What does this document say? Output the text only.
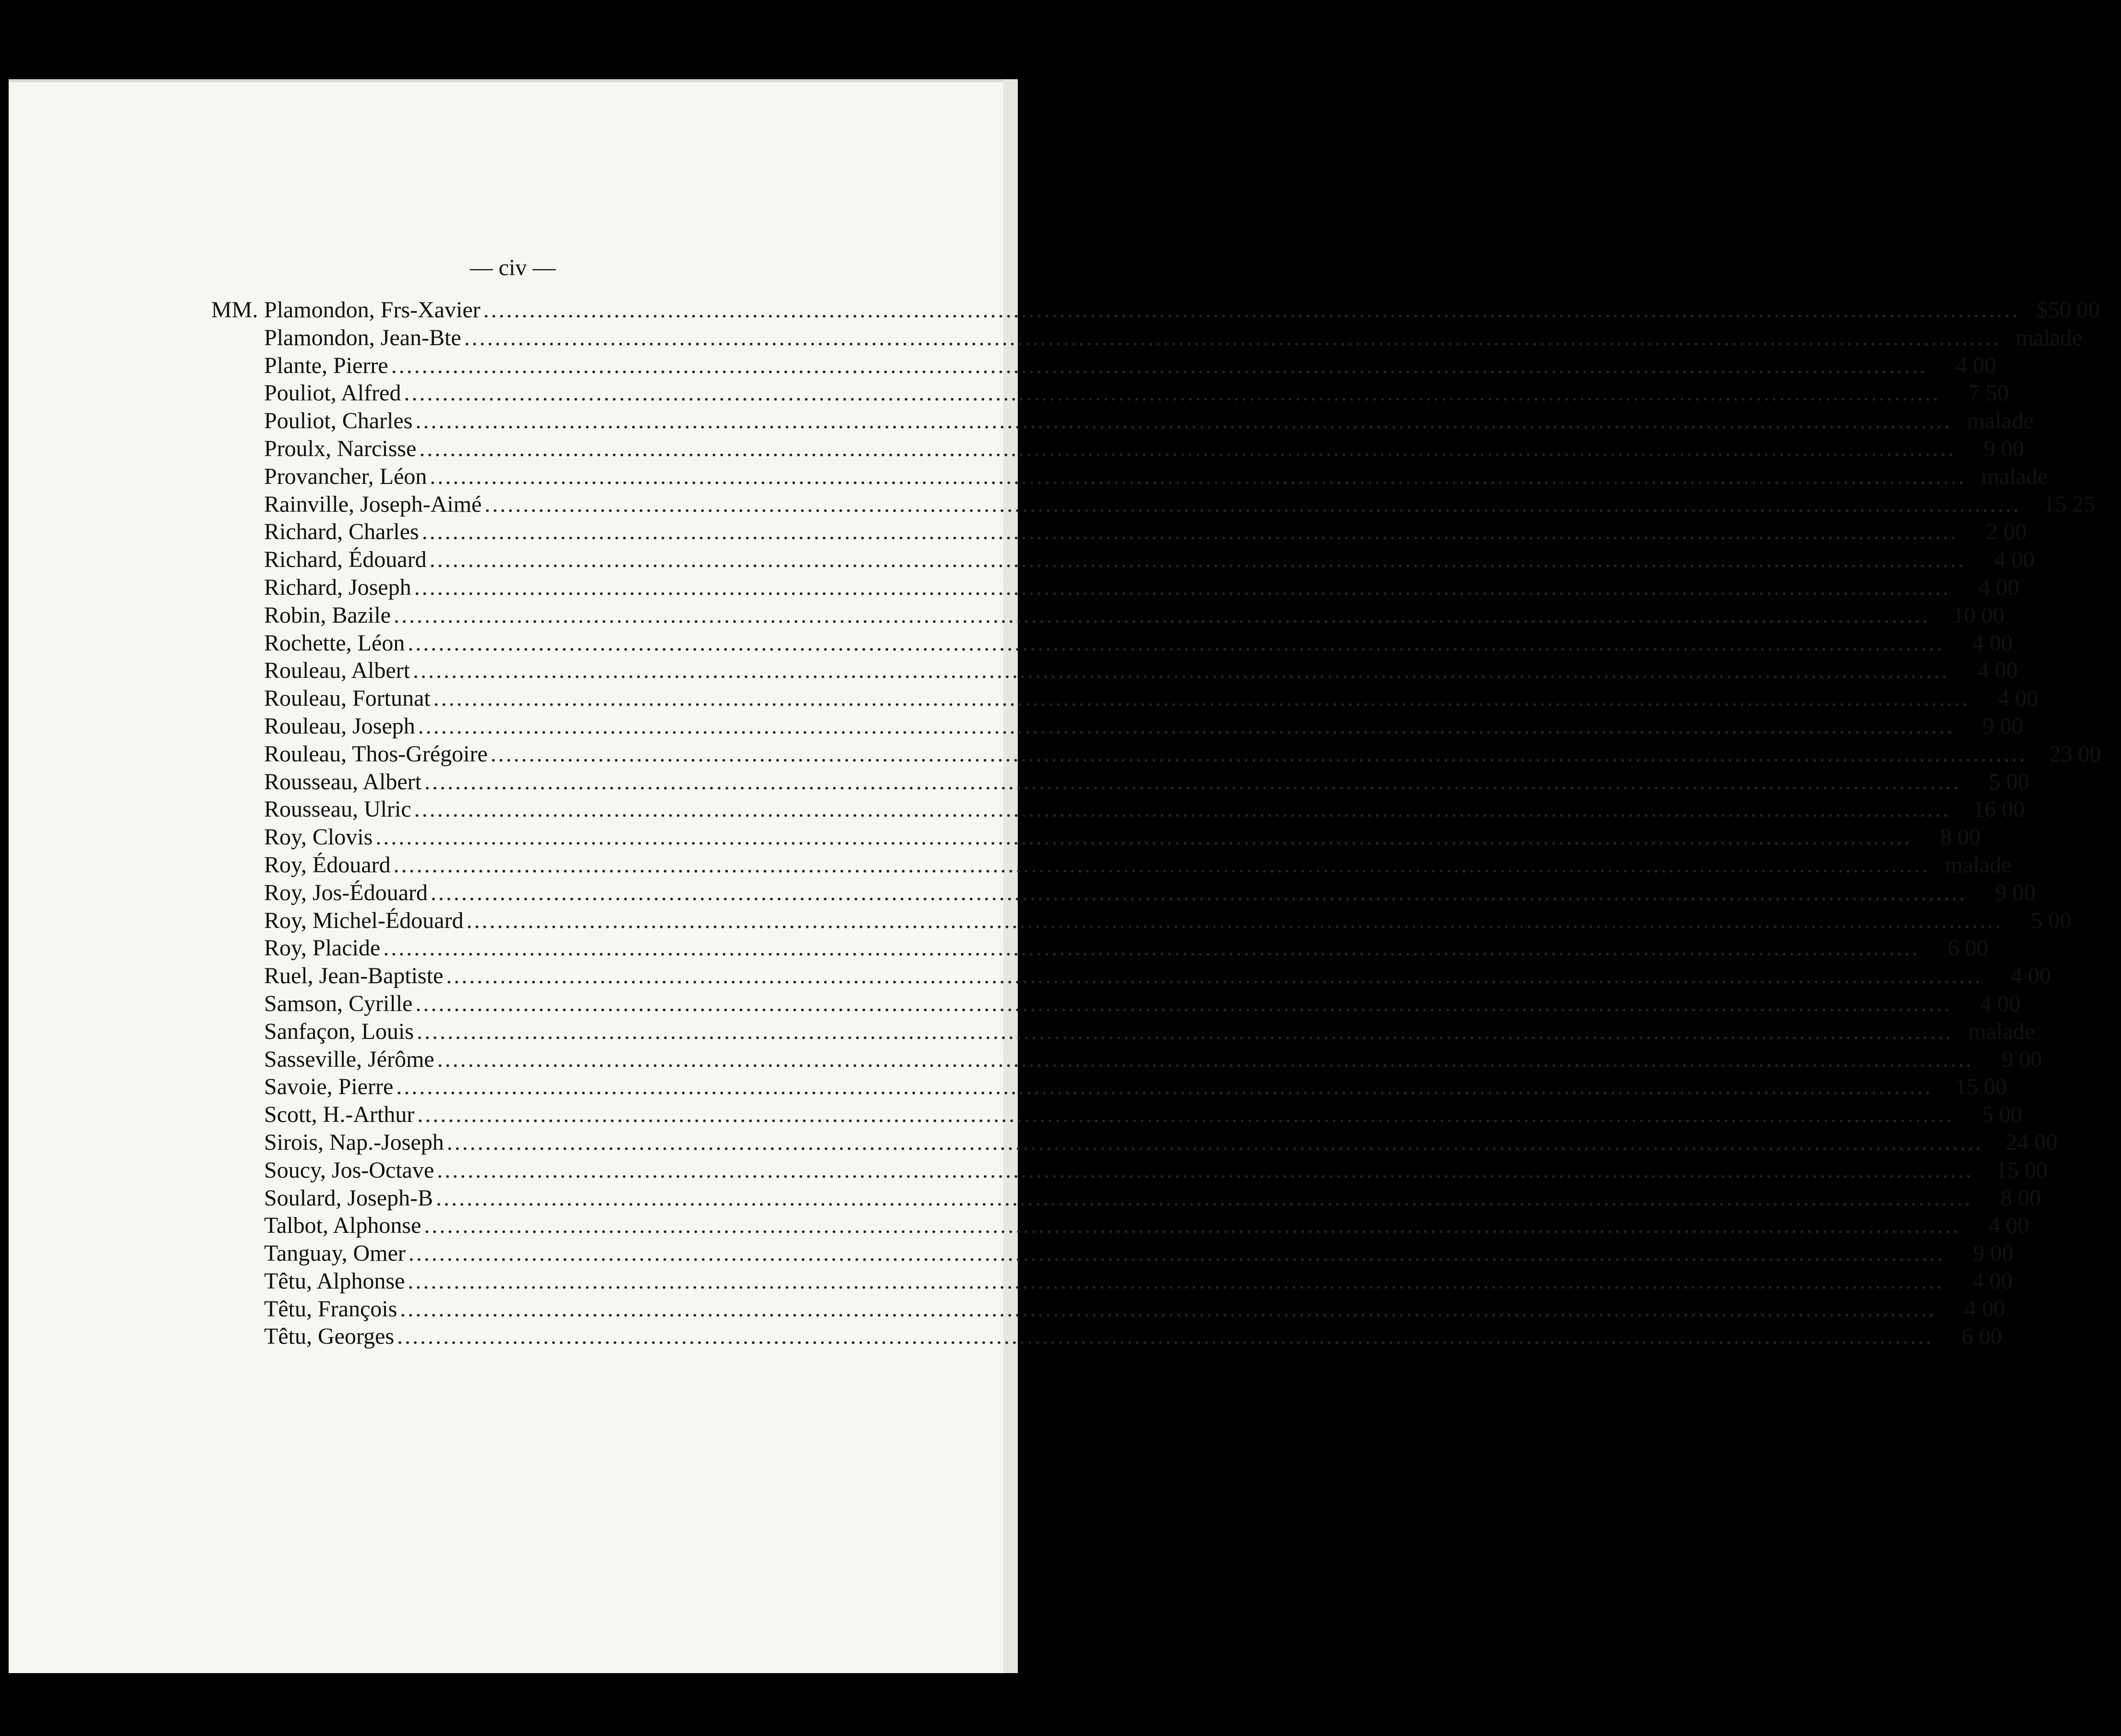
— civ —
MM. Plamondon, Frs-Xavier ........................................................................................................................................................................................................ $50 00
Plamondon, Jean-Bte ........................................................................................................................................................................................................ malade
Plante, Pierre ........................................................................................................................................................................................................	4 00
Pouliot, Alfred ........................................................................................................................................................................................................	7 50
Pouliot, Charles ........................................................................................................................................................................................................ malade
Proulx, Narcisse ........................................................................................................................................................................................................	9 00
Provancher, Léon ........................................................................................................................................................................................................ malade
Rainville, Joseph-Aimé ........................................................................................................................................................................................................ 15 25
Richard, Charles ........................................................................................................................................................................................................	2 00
Richard, Édouard ........................................................................................................................................................................................................	4 00
Richard, Joseph ........................................................................................................................................................................................................	4 00
Robin, Bazile ........................................................................................................................................................................................................ 10 00
Rochette, Léon ........................................................................................................................................................................................................	4 00
Rouleau, Albert ........................................................................................................................................................................................................	4 00
Rouleau, Fortunat ........................................................................................................................................................................................................	4 00
Rouleau, Joseph ........................................................................................................................................................................................................	9 00
Rouleau, Thos-Grégoire ........................................................................................................................................................................................................ 23 00
Rousseau, Albert ........................................................................................................................................................................................................	5 00
Rousseau, Ulric ........................................................................................................................................................................................................ 16 00
Roy, Clovis ........................................................................................................................................................................................................	8 00
Roy, Édouard ........................................................................................................................................................................................................ malade
Roy, Jos-Édouard ........................................................................................................................................................................................................	9 00
Roy, Michel-Édouard ........................................................................................................................................................................................................	5 00
Roy, Placide ........................................................................................................................................................................................................	6 00
Ruel, Jean-Baptiste ........................................................................................................................................................................................................	4 00
Samson, Cyrille ........................................................................................................................................................................................................	4 00
Sanfaçon, Louis ........................................................................................................................................................................................................ malade
Sasseville, Jérôme ........................................................................................................................................................................................................	9 00
Savoie, Pierre ........................................................................................................................................................................................................ 15 00
Scott, H.-Arthur ........................................................................................................................................................................................................	5 00
Sirois, Nap.-Joseph ........................................................................................................................................................................................................ 24 00
Soucy, Jos-Octave ........................................................................................................................................................................................................ 15 00
Soulard, Joseph-B ........................................................................................................................................................................................................	8 00
Talbot, Alphonse ........................................................................................................................................................................................................	4 00
Tanguay, Omer ........................................................................................................................................................................................................	9 00
Têtu, Alphonse ........................................................................................................................................................................................................	4 00
Têtu, François ........................................................................................................................................................................................................	4 00
Têtu, Georges ........................................................................................................................................................................................................	6 00
